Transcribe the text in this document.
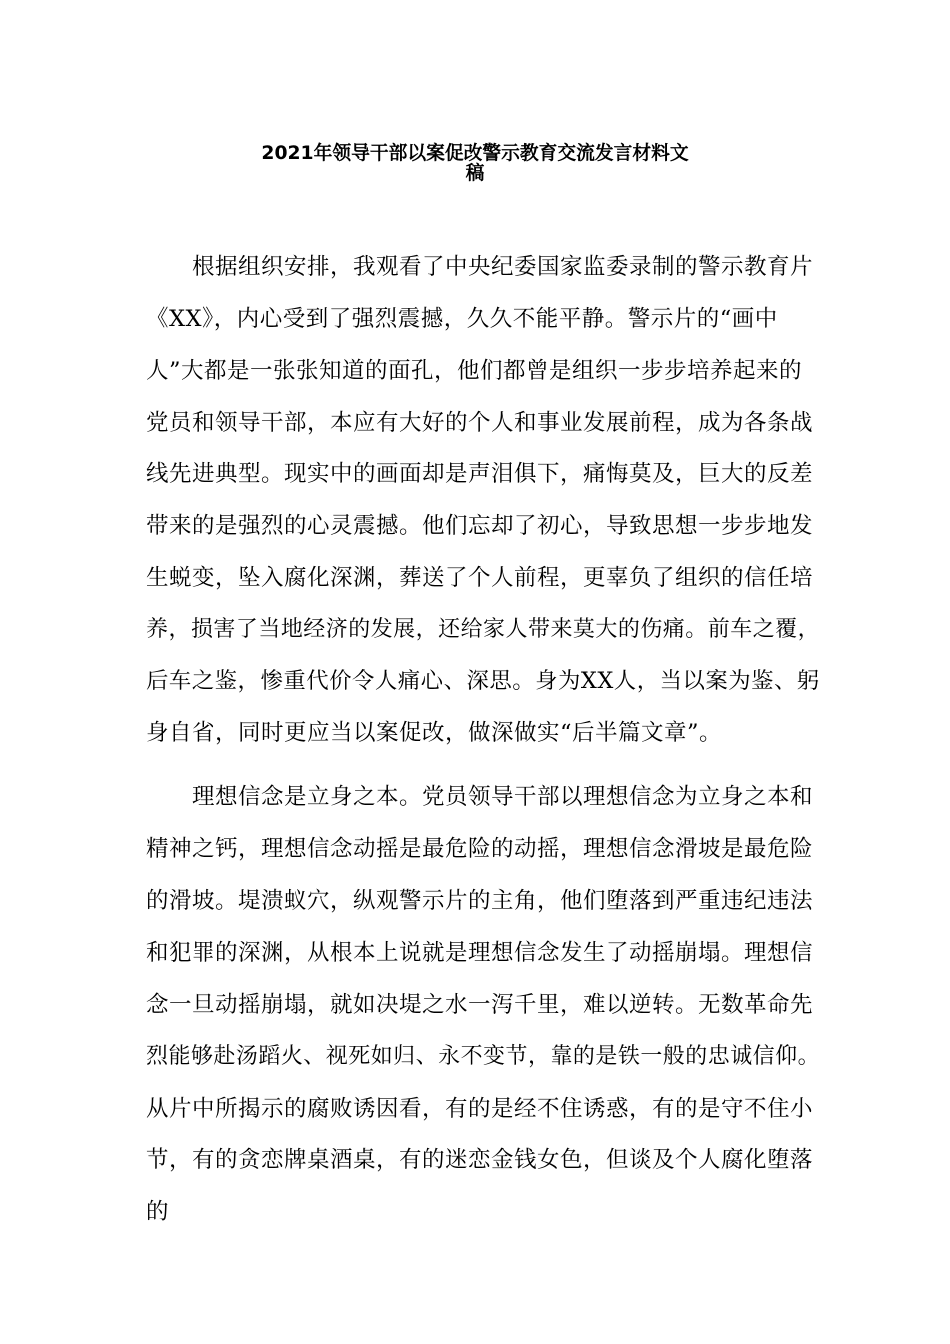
2021年领导干部以案促改警示教育交流发言材料文
稿
　　根据组织安排，我观看了中央纪委国家监委录制的警示教育片
《XX》，内心受到了强烈震撼，久久不能平静。警示片的“画中
人”大都是一张张知道的面孔，他们都曾是组织一步步培养起来的
党员和领导干部，本应有大好的个人和事业发展前程，成为各条战
线先进典型。现实中的画面却是声泪俱下，痛悔莫及，巨大的反差
带来的是强烈的心灵震撼。他们忘却了初心，导致思想一步步地发
生蜕变，坠入腐化深渊，葬送了个人前程，更辜负了组织的信任培
养，损害了当地经济的发展，还给家人带来莫大的伤痛。前车之覆，
后车之鉴，惨重代价令人痛心、深思。身为XX人，当以案为鉴、躬
身自省，同时更应当以案促改，做深做实“后半篇文章”。
　　理想信念是立身之本。党员领导干部以理想信念为立身之本和
精神之钙，理想信念动摇是最危险的动摇，理想信念滑坡是最危险
的滑坡。堤溃蚁穴，纵观警示片的主角，他们堕落到严重违纪违法
和犯罪的深渊，从根本上说就是理想信念发生了动摇崩塌。理想信
念一旦动摇崩塌，就如决堤之水一泻千里，难以逆转。无数革命先
烈能够赴汤蹈火、视死如归、永不变节，靠的是铁一般的忠诚信仰。
从片中所揭示的腐败诱因看，有的是经不住诱惑，有的是守不住小
节，有的贪恋牌桌酒桌，有的迷恋金钱女色，但谈及个人腐化堕落
的
